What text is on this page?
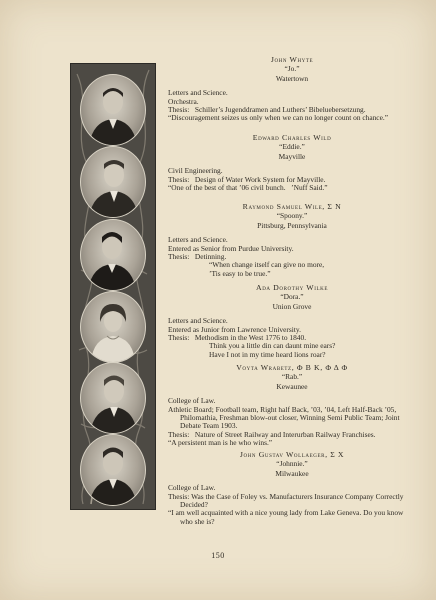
John Whyte
“Jo.”
Watertown
Letters and Science.
Orchestra.
Thesis:   Schiller’s Jugenddramen and Luthers’ Bibeluebersetzung.
“Discouragement seizes us only when we can no longer count on chance.”
Edward Charles Wild
“Eddie.”
Mayville
Civil Engineering.
Thesis:   Design of Water Work System for Mayville.
“One of the best of that ’06 civil bunch.   ’Nuff Said.”
Raymond Samuel Wile, Σ N
“Spoony.”
Pittsburg, Pennsylvania
Letters and Science.
Entered as Senior from Purdue University.
Thesis:   Detinning.
“When change itself can give no more,
’Tis easy to be true.”
Ada Dorothy Wilke
“Dora.”
Union Grove
Letters and Science.
Entered as Junior from Lawrence University.
Thesis:   Methodism in the West 1776 to 1840.
Think you a little din can daunt mine ears?
Have I not in my time heard lions roar?
Voyta Wrabetz, Φ B K, Φ Δ Φ
“Rab.”
Kewaunee
College of Law.
Athletic Board; Football team, Right half Back, ’03, ’04, Left Half-Back ’05, Philomathia, Freshman blow-out closer, Winning Semi Public Team; Joint Debate Team 1903.
Thesis:   Nature of Street Railway and Interurban Railway Franchises.
“A persistent man is he who wins.”
John Gustav Wollaeger, Σ X
“Johnnie.”
Milwaukee
College of Law.
Thesis: Was the Case of Foley vs. Manufacturers Insurance Company Correctly Decided?
“I am well acquainted with a nice young lady from Lake Geneva. Do you know who she is?
150
